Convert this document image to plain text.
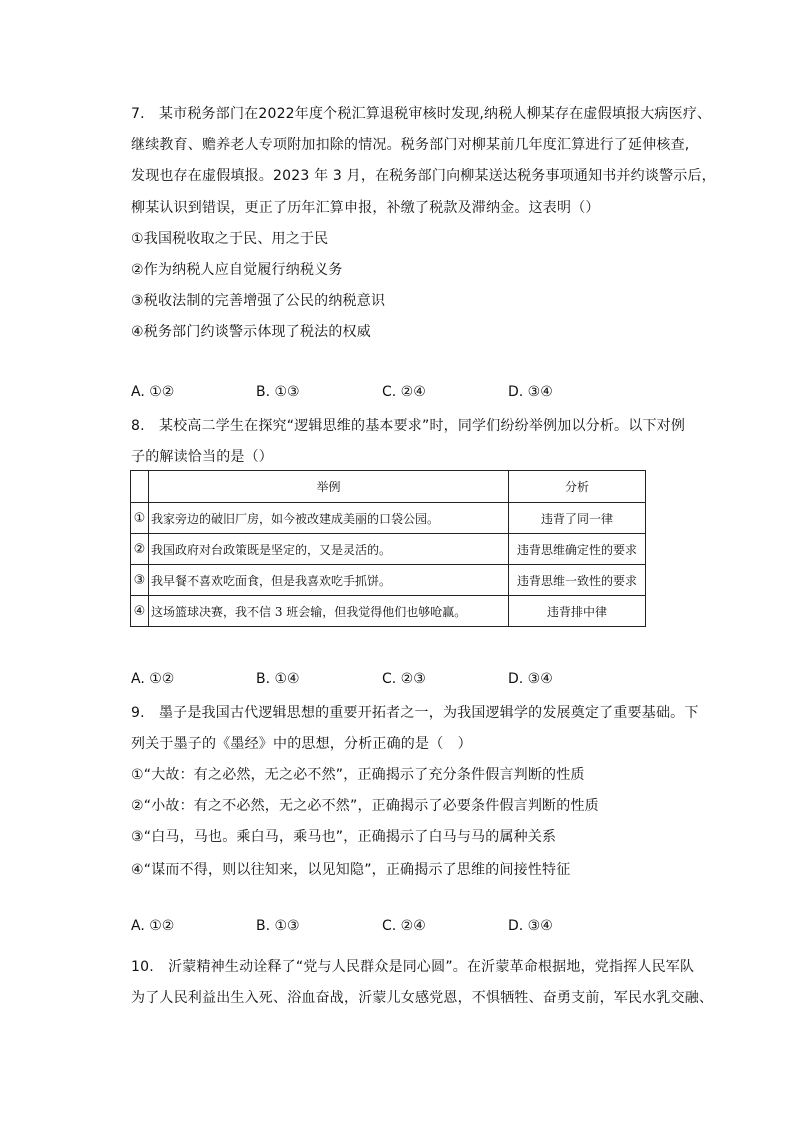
7.　某市税务部门在2022年度个税汇算退税审核时发现,纳税人柳某存在虚假填报大病医疗、
继续教育、赡养老人专项附加扣除的情况。税务部门对柳某前几年度汇算进行了延伸核查,
发现也存在虚假填报。2023 年 3 月，在税务部门向柳某送达税务事项通知书并约谈警示后，
柳某认识到错误，更正了历年汇算申报，补缴了税款及滞纳金。这表明（）
①我国税收取之于民、用之于民
②作为纳税人应自觉履行纳税义务
③税收法制的完善增强了公民的纳税意识
④税务部门约谈警示体现了税法的权威
A. ①②	B. ①③	C. ②④	D. ③④
8.　某校高二学生在探究“逻辑思维的基本要求”时，同学们纷纷举例加以分析。以下对例
子的解读恰当的是（）
	举例	分析
①	我家旁边的破旧厂房，如今被改建成美丽的口袋公园。	违背了同一律
②	我国政府对台政策既是坚定的，又是灵活的。	违背思维确定性的要求
③	我早餐不喜欢吃面食，但是我喜欢吃手抓饼。	违背思维一致性的要求
④	这场篮球决赛，我不信 3 班会输，但我觉得他们也够呛赢。	违背排中律
A. ①②	B. ①④	C. ②③	D. ③④
9.　墨子是我国古代逻辑思想的重要开拓者之一，为我国逻辑学的发展奠定了重要基础。下
列关于墨子的《墨经》中的思想，分析正确的是（　）
①“大故：有之必然，无之必不然”，正确揭示了充分条件假言判断的性质
②“小故：有之不必然，无之必不然”，正确揭示了必要条件假言判断的性质
③“白马，马也。乘白马，乘马也”，正确揭示了白马与马的属种关系
④“谋而不得，则以往知来，以见知隐”，正确揭示了思维的间接性特征
A. ①②	B. ①③	C. ②④	D. ③④
10.　沂蒙精神生动诠释了“党与人民群众是同心圆”。在沂蒙革命根据地，党指挥人民军队
为了人民利益出生入死、浴血奋战，沂蒙儿女感党恩，不惧牺牲、奋勇支前，军民水乳交融、
